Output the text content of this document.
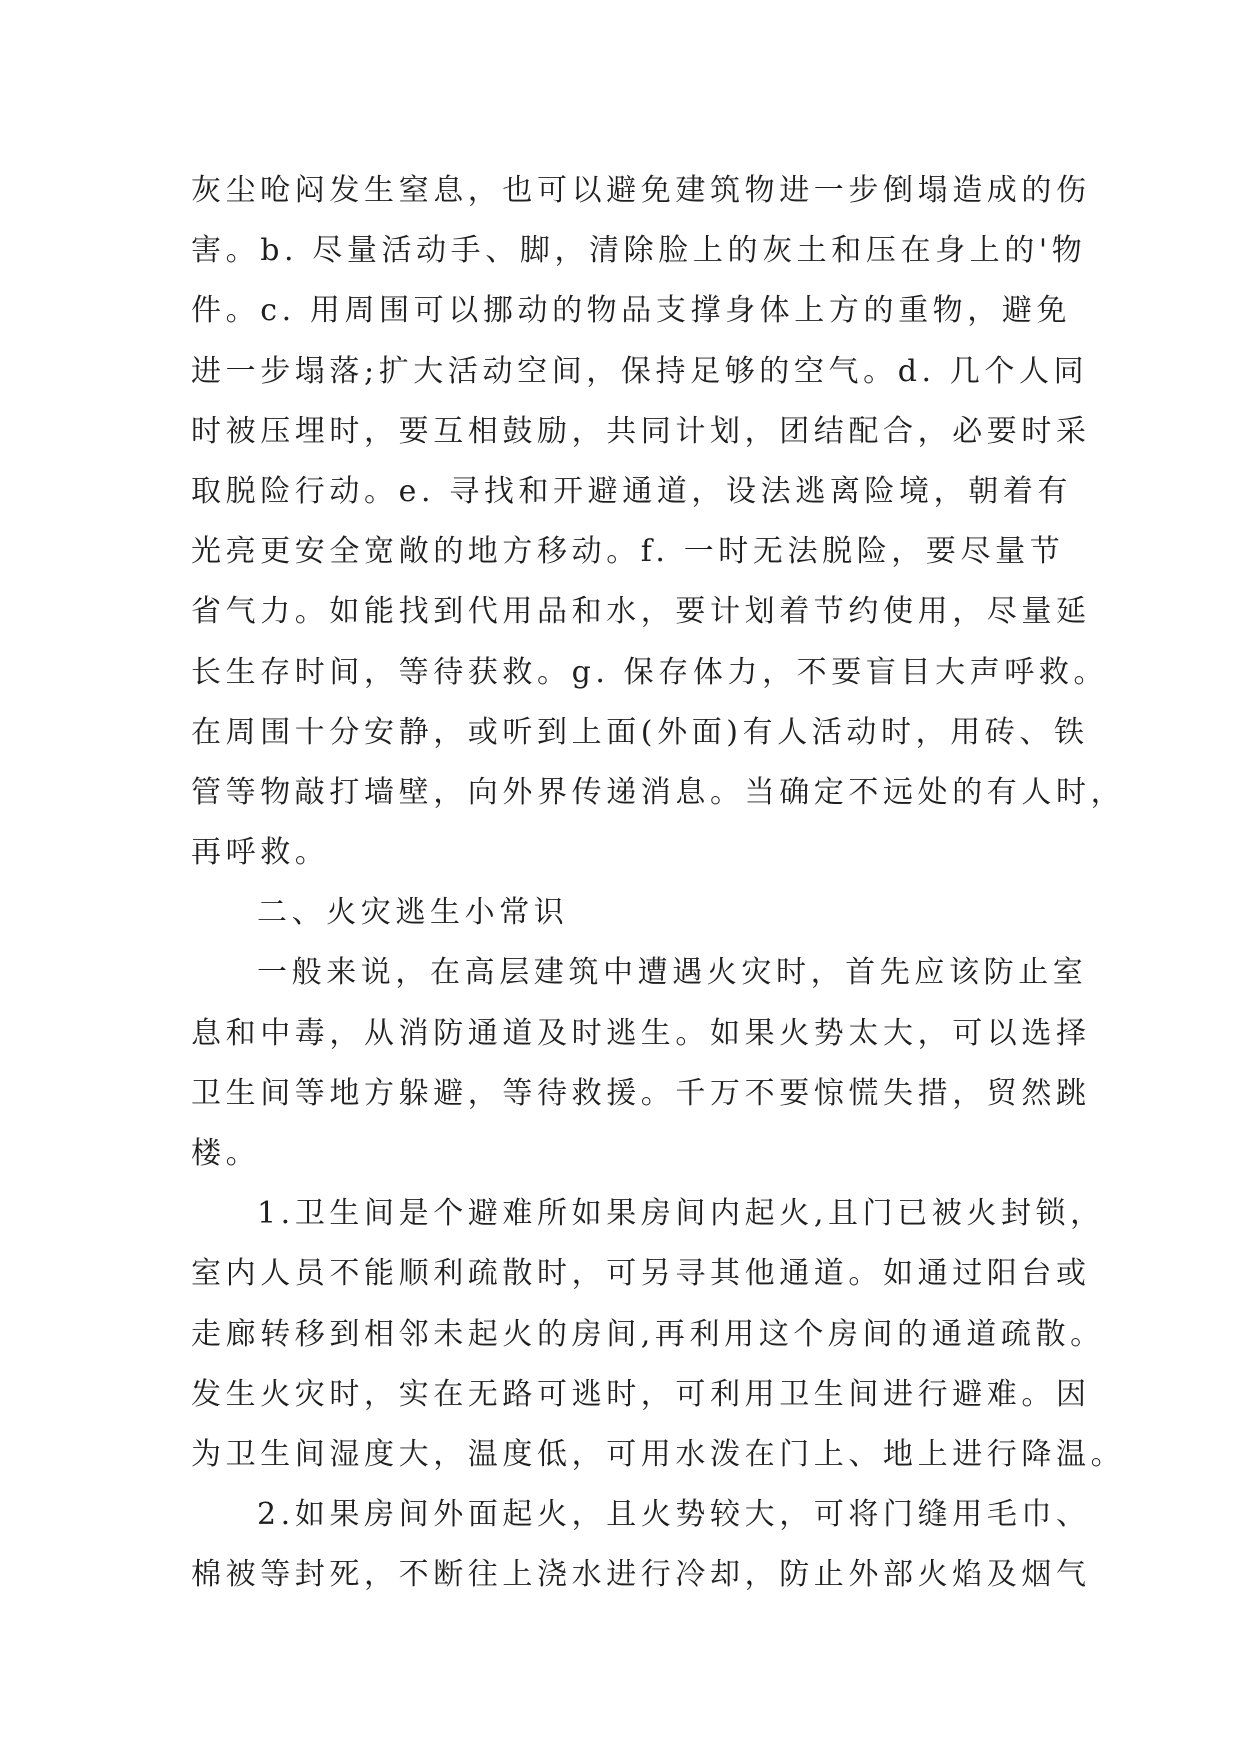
灰尘呛闷发生窒息，也可以避免建筑物进一步倒塌造成的伤
害。b. 尽量活动手、脚，清除脸上的灰土和压在身上的'物
件。c. 用周围可以挪动的物品支撑身体上方的重物，避免
进一步塌落;扩大活动空间，保持足够的空气。d. 几个人同
时被压埋时，要互相鼓励，共同计划，团结配合，必要时采
取脱险行动。e. 寻找和开避通道，设法逃离险境，朝着有
光亮更安全宽敞的地方移动。f. 一时无法脱险，要尽量节
省气力。如能找到代用品和水，要计划着节约使用，尽量延
长生存时间，等待获救。g. 保存体力，不要盲目大声呼救。
在周围十分安静，或听到上面(外面)有人活动时，用砖、铁
管等物敲打墙壁，向外界传递消息。当确定不远处的有人时，
再呼救。
二、火灾逃生小常识
一般来说，在高层建筑中遭遇火灾时，首先应该防止室
息和中毒，从消防通道及时逃生。如果火势太大，可以选择
卫生间等地方躲避，等待救援。千万不要惊慌失措，贸然跳
楼。
1.卫生间是个避难所如果房间内起火,且门已被火封锁，
室内人员不能顺利疏散时，可另寻其他通道。如通过阳台或
走廊转移到相邻未起火的房间,再利用这个房间的通道疏散。
发生火灾时，实在无路可逃时，可利用卫生间进行避难。因
为卫生间湿度大，温度低，可用水泼在门上、地上进行降温。
2.如果房间外面起火，且火势较大，可将门缝用毛巾、
棉被等封死，不断往上浇水进行冷却，防止外部火焰及烟气
